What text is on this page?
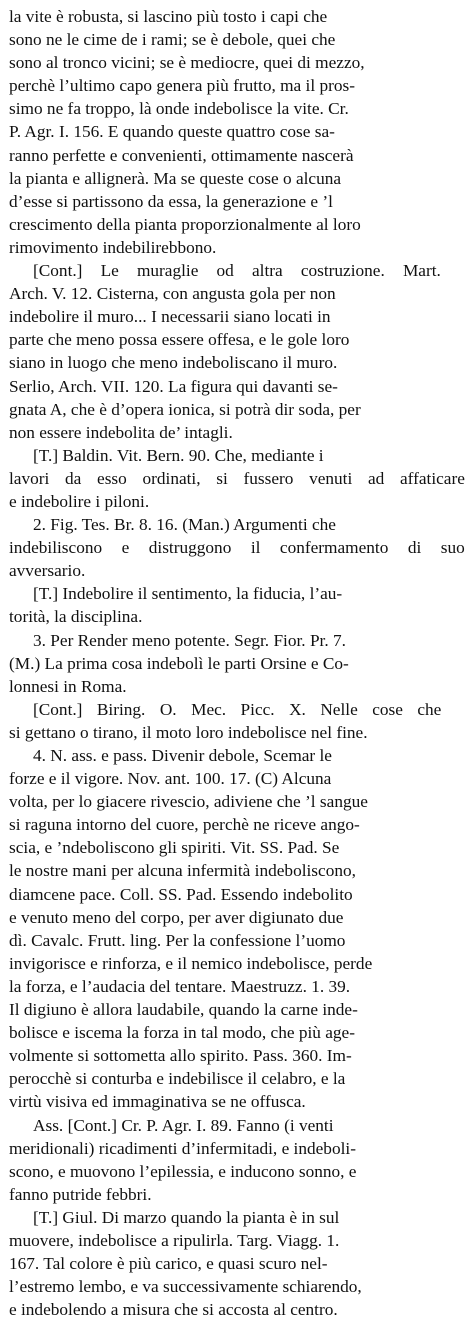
la vite è robusta, si lascino più tosto i capi che
sono ne le cime de i rami; se è debole, quei che
sono al tronco vicini; se è mediocre, quei di mezzo,
perchè l’ultimo capo genera più frutto, ma il pros-
simo ne fa troppo, là onde indebolisce la vite. Cr.
P. Agr. I. 156. E quando queste quattro cose sa-
ranno perfette e convenienti, ottimamente nascerà
la pianta e allignerà. Ma se queste cose o alcuna
d’esse si partissono da essa, la generazione e ’l
crescimento della pianta proporzionalmente al loro
rimovimento indebilirebbono.
[Cont.] Le muraglie od altra costruzione. Mart.
Arch. V. 12. Cisterna, con angusta gola per non
indebolire il muro... I necessarii siano locati in
parte che meno possa essere offesa, e le gole loro
siano in luogo che meno indeboliscano il muro.
Serlio, Arch. VII. 120. La figura qui davanti se-
gnata A, che è d’opera ionica, si potrà dir soda, per
non essere indebolita de’ intagli.
[T.] Baldin. Vit. Bern. 90. Che, mediante i
lavori da esso ordinati, si fussero venuti ad affaticare
e indebolire i piloni.
2. Fig. Tes. Br. 8. 16. (Man.) Argumenti che
indebiliscono e distruggono il confermamento di suo
avversario.
[T.] Indebolire il sentimento, la fiducia, l’au-
torità, la disciplina.
3. Per Render meno potente. Segr. Fior. Pr. 7.
(M.) La prima cosa indebolì le parti Orsine e Co-
lonnesi in Roma.
[Cont.] Biring. O. Mec. Picc. X. Nelle cose che
si gettano o tirano, il moto loro indebolisce nel fine.
4. N. ass. e pass. Divenir debole, Scemar le
forze e il vigore. Nov. ant. 100. 17. (C) Alcuna
volta, per lo giacere rivescio, adiviene che ’l sangue
si raguna intorno del cuore, perchè ne riceve ango-
scia, e ’ndeboliscono gli spiriti. Vit. SS. Pad. Se
le nostre mani per alcuna infermità indeboliscono,
diamcene pace. Coll. SS. Pad. Essendo indebolito
e venuto meno del corpo, per aver digiunato due
dì. Cavalc. Frutt. ling. Per la confessione l’uomo
invigorisce e rinforza, e il nemico indebolisce, perde
la forza, e l’audacia del tentare. Maestruzz. 1. 39.
Il digiuno è allora laudabile, quando la carne inde-
bolisce e iscema la forza in tal modo, che più age-
volmente si sottometta allo spirito. Pass. 360. Im-
perocchè si conturba e indebilisce il celabro, e la
virtù visiva ed immaginativa se ne offusca.
Ass. [Cont.] Cr. P. Agr. I. 89. Fanno (i venti
meridionali) ricadimenti d’infermitadi, e indeboli-
scono, e muovono l’epilessia, e inducono sonno, e
fanno putride febbri.
[T.] Giul. Di marzo quando la pianta è in sul
muovere, indebolisce a ripulirla. Targ. Viagg. 1.
167. Tal colore è più carico, e quasi scuro nel-
l’estremo lembo, e va successivamente schiarendo,
e indebolendo a misura che si accosta al centro.
